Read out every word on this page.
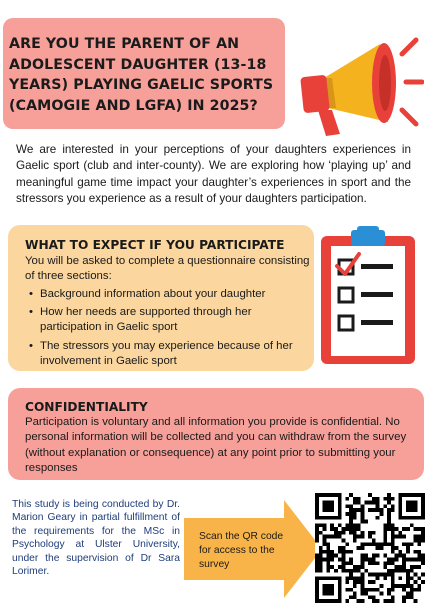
ARE YOU THE PARENT OF AN
ADOLESCENT DAUGHTER (13-18
YEARS) PLAYING GAELIC SPORTS
(CAMOGIE AND LGFA) IN 2025?
We are interested in your perceptions of your daughters experiences in Gaelic sport (club and inter-county). We are exploring how ‘playing up’ and meaningful game time impact your daughter’s experiences in sport and the stressors you experience as a result of your daughters participation.
WHAT TO EXPECT IF YOU PARTICIPATE
You will be asked to complete a questionnaire consisting of three sections:
• Background information about your daughter
• How her needs are supported through her participation in Gaelic sport
• The stressors you may experience because of her involvement in Gaelic sport
CONFIDENTIALITY
Participation is voluntary and all information you provide is confidential. No personal information will be collected and you can withdraw from the survey (without explanation or consequence) at any point prior to submitting your responses
This study is being conducted by Dr. Marion Geary in partial fulfillment of the requirements for the MSc in Psychology at Ulster University, under the supervision of Dr Sara Lorimer.
Scan the QR code for access to the survey
